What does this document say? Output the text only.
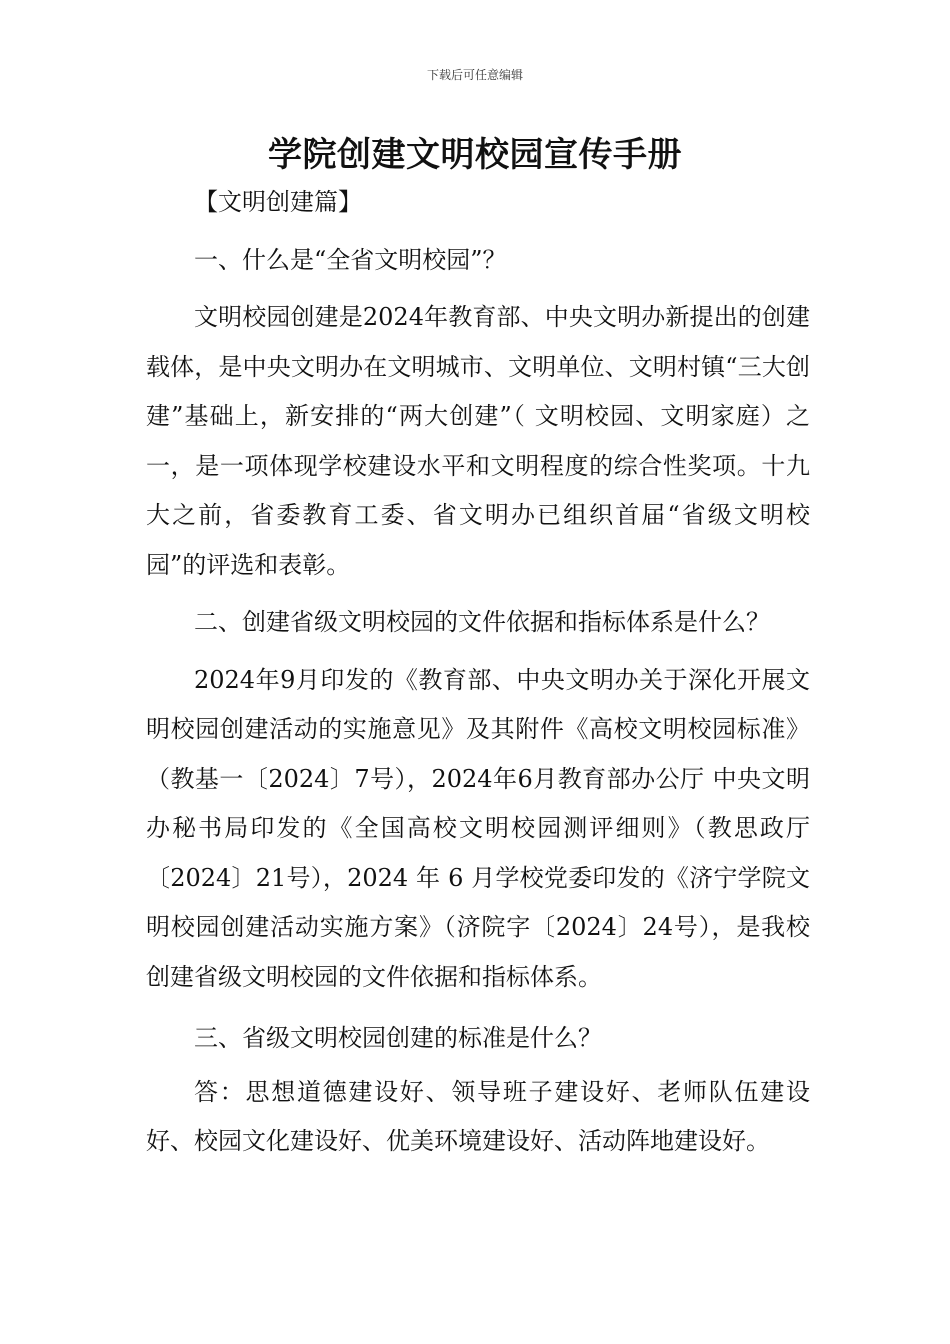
下载后可任意编辑
学院创建文明校园宣传手册

【文明创建篇】

一、什么是“全省文明校园”？

文明校园创建是2024年教育部、中央文明办新提出的创建载体，是中央文明办在文明城市、文明单位、文明村镇“三大创建”基础上，新安排的“两大创建”（ 文明校园、文明家庭）之一，是一项体现学校建设水平和文明程度的综合性奖项。十九大之前，省委教育工委、省文明办已组织首届“省级文明校园”的评选和表彰。

二、创建省级文明校园的文件依据和指标体系是什么？

2024年9月印发的《教育部、中央文明办关于深化开展文明校园创建活动的实施意见》及其附件《高校文明校园标准》（教基一〔2024〕7号），2024年6月教育部办公厅 中央文明办秘书局印发的《全国高校文明校园测评细则》（教思政厅〔2024〕21号），2024 年 6 月学校党委印发的《济宁学院文明校园创建活动实施方案》（济院字〔2024〕24号），是我校创建省级文明校园的文件依据和指标体系。

三、省级文明校园创建的标准是什么？

答：思想道德建设好、领导班子建设好、老师队伍建设好、校园文化建设好、优美环境建设好、活动阵地建设好。
